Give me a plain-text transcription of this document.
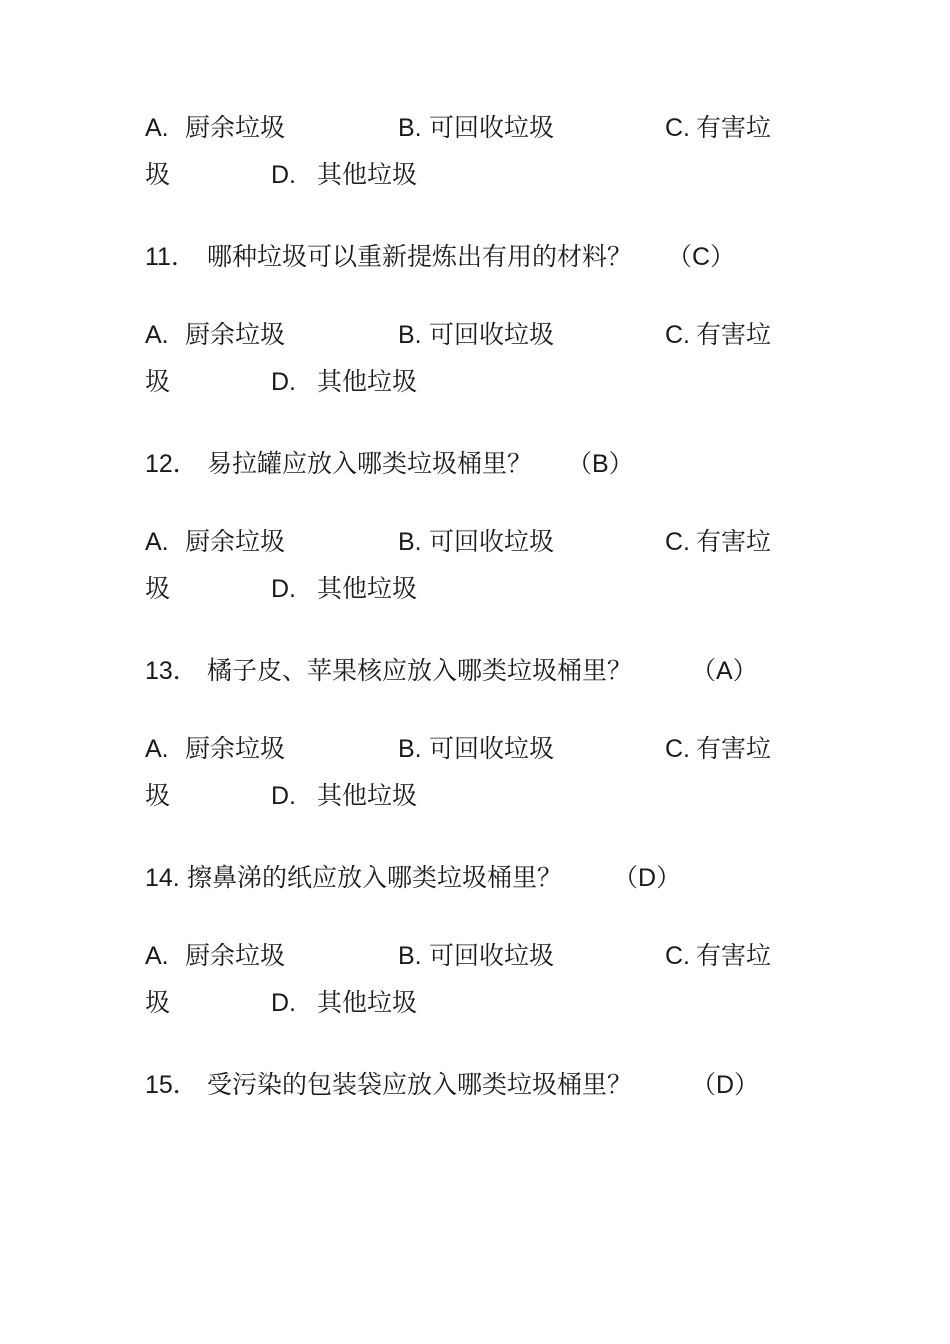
A. 厨余垃圾	B. 可回收垃圾	C. 有害垃
圾	D. 其他垃圾
11． 哪种垃圾可以重新提炼出有用的材料？ （C）
A. 厨余垃圾	B. 可回收垃圾	C. 有害垃
圾	D. 其他垃圾
12． 易拉罐应放入哪类垃圾桶里？ （B）
A. 厨余垃圾	B. 可回收垃圾	C. 有害垃
圾	D. 其他垃圾
13． 橘子皮、苹果核应放入哪类垃圾桶里？ （A）
A. 厨余垃圾	B. 可回收垃圾	C. 有害垃
圾	D. 其他垃圾
14. 擦鼻涕的纸应放入哪类垃圾桶里？ （D）
A. 厨余垃圾	B. 可回收垃圾	C. 有害垃
圾	D. 其他垃圾
15． 受污染的包装袋应放入哪类垃圾桶里？ （D）
